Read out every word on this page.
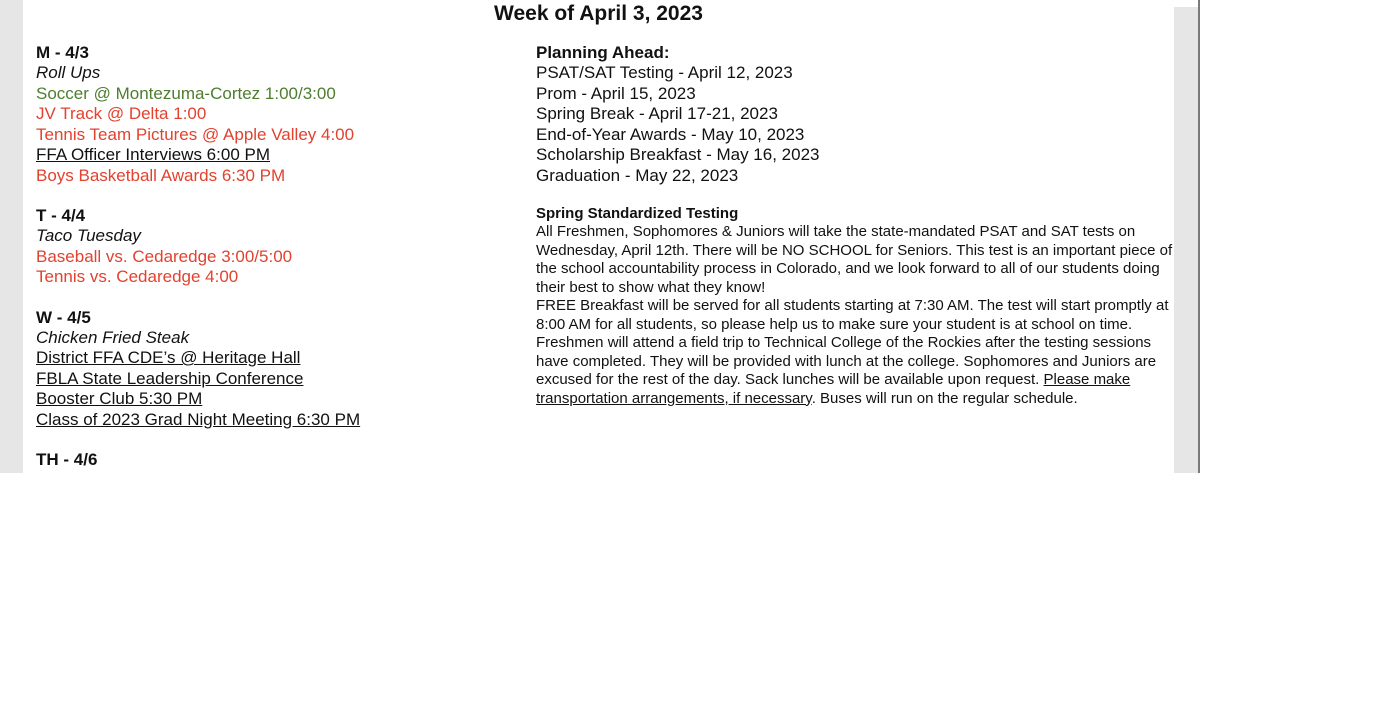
Week of April 3, 2023
M - 4/3
Roll Ups
Soccer @ Montezuma-Cortez 1:00/3:00
JV Track @ Delta 1:00
Tennis Team Pictures @ Apple Valley 4:00
FFA Officer Interviews 6:00 PM
Boys Basketball Awards 6:30 PM
T - 4/4
Taco Tuesday
Baseball vs. Cedaredge 3:00/5:00
Tennis vs. Cedaredge 4:00
W - 4/5
Chicken Fried Steak
District FFA CDE’s @ Heritage Hall
FBLA State Leadership Conference
Booster Club 5:30 PM
Class of 2023 Grad Night Meeting 6:30 PM
TH - 4/6
Planning Ahead:
PSAT/SAT Testing - April 12, 2023
Prom - April 15, 2023
Spring Break - April 17-21, 2023
End-of-Year Awards - May 10, 2023
Scholarship Breakfast - May 16, 2023
Graduation - May 22, 2023
Spring Standardized Testing
All Freshmen, Sophomores & Juniors will take the state-mandated PSAT and SAT tests on Wednesday, April 12th. There will be NO SCHOOL for Seniors. This test is an important piece of the school accountability process in Colorado, and we look forward to all of our students doing their best to show what they know!
FREE Breakfast will be served for all students starting at 7:30 AM. The test will start promptly at 8:00 AM for all students, so please help us to make sure your student is at school on time.
Freshmen will attend a field trip to Technical College of the Rockies after the testing sessions have completed. They will be provided with lunch at the college. Sophomores and Juniors are excused for the rest of the day. Sack lunches will be available upon request. Please make transportation arrangements, if necessary. Buses will run on the regular schedule.
